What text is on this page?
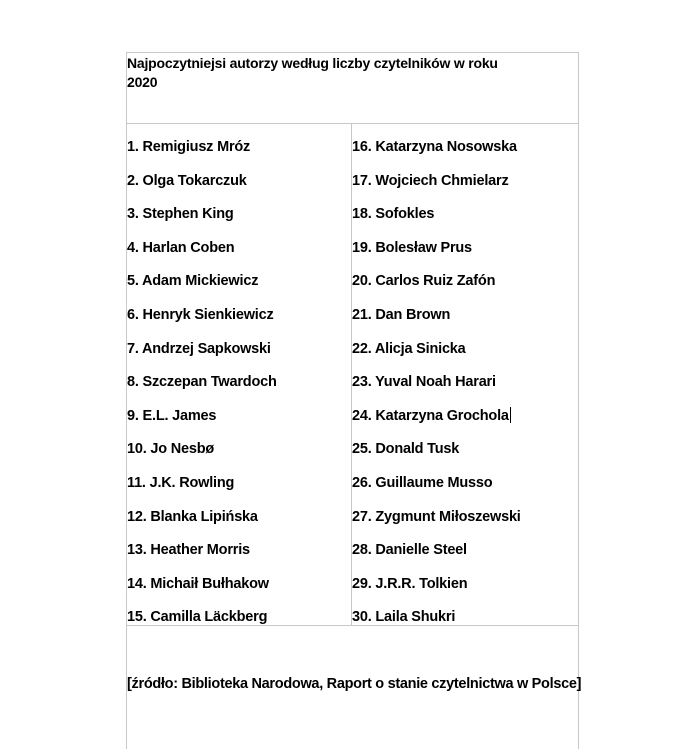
Najpoczytniejsi autorzy według liczby czytelników w roku 2020
1. Remigiusz Mróz
2. Olga Tokarczuk
3. Stephen King
4. Harlan Coben
5. Adam Mickiewicz
6. Henryk Sienkiewicz
7. Andrzej Sapkowski
8. Szczepan Twardoch
9. E.L. James
10. Jo Nesbø
11. J.K. Rowling
12. Blanka Lipińska
13. Heather Morris
14. Michaił Bułhakow
15. Camilla Läckberg
16. Katarzyna Nosowska
17. Wojciech Chmielarz
18. Sofokles
19. Bolesław Prus
20. Carlos Ruiz Zafón
21. Dan Brown
22. Alicja Sinicka
23. Yuval Noah Harari
24. Katarzyna Grochola
25. Donald Tusk
26. Guillaume Musso
27. Zygmunt Miłoszewski
28. Danielle Steel
29. J.R.R. Tolkien
30. Laila Shukri
[źródło: Biblioteka Narodowa, Raport o stanie czytelnictwa w Polsce]
